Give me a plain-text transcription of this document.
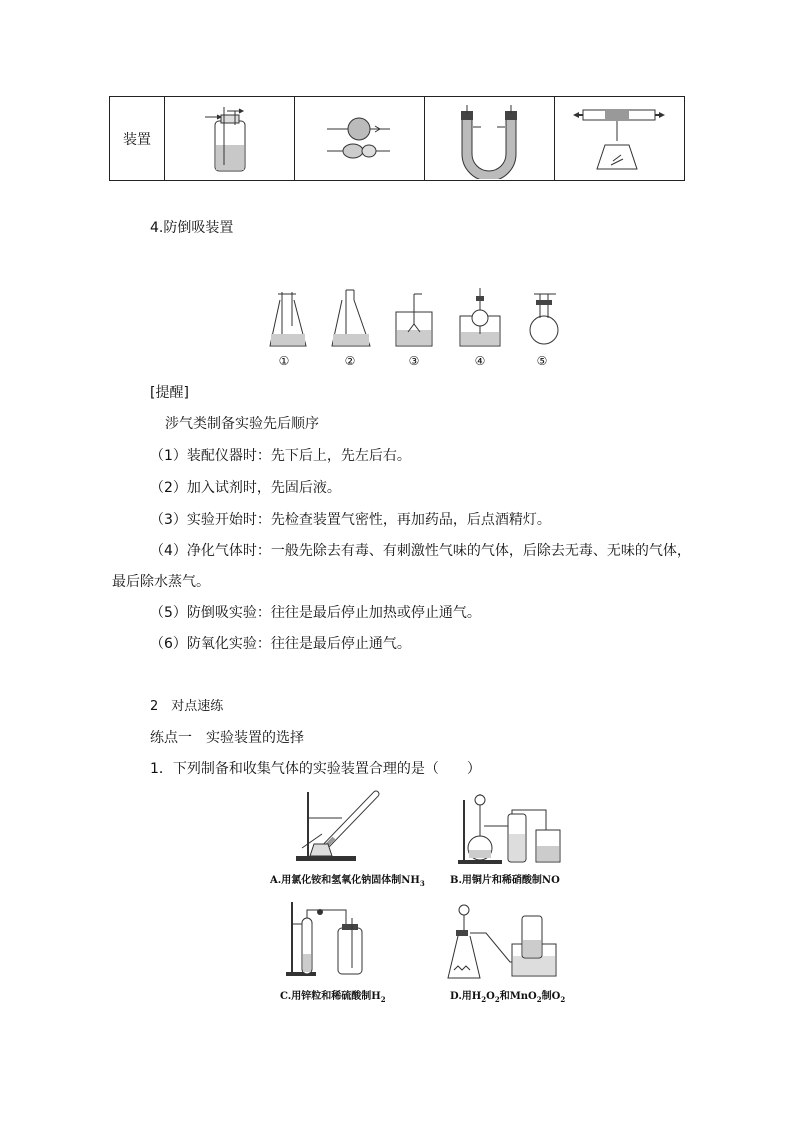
装置	

4.防倒吸装置
①	②	③	④	⑤
[提醒]
涉气类制备实验先后顺序
（1）装配仪器时：先下后上，先左后右。
（2）加入试剂时，先固后液。
（3）实验开始时：先检查装置气密性，再加药品，后点酒精灯。
（4）净化气体时：一般先除去有毒、有刺激性气味的气体，后除去无毒、无味的气体，
最后除水蒸气。
（5）防倒吸实验：往往是最后停止加热或停止通气。
（6）防氧化实验：往往是最后停止通气。
2　对点速练
练点一　实验装置的选择
1．下列制备和收集气体的实验装置合理的是（　　）
A.用氯化铵和氢氧化钠固体制$NH_3$	B.用铜片和稀硝酸制NO
C.用锌粒和稀硫酸制$H_2$	D.用$H_2O_2$和MnO$_2$制$O_2$
